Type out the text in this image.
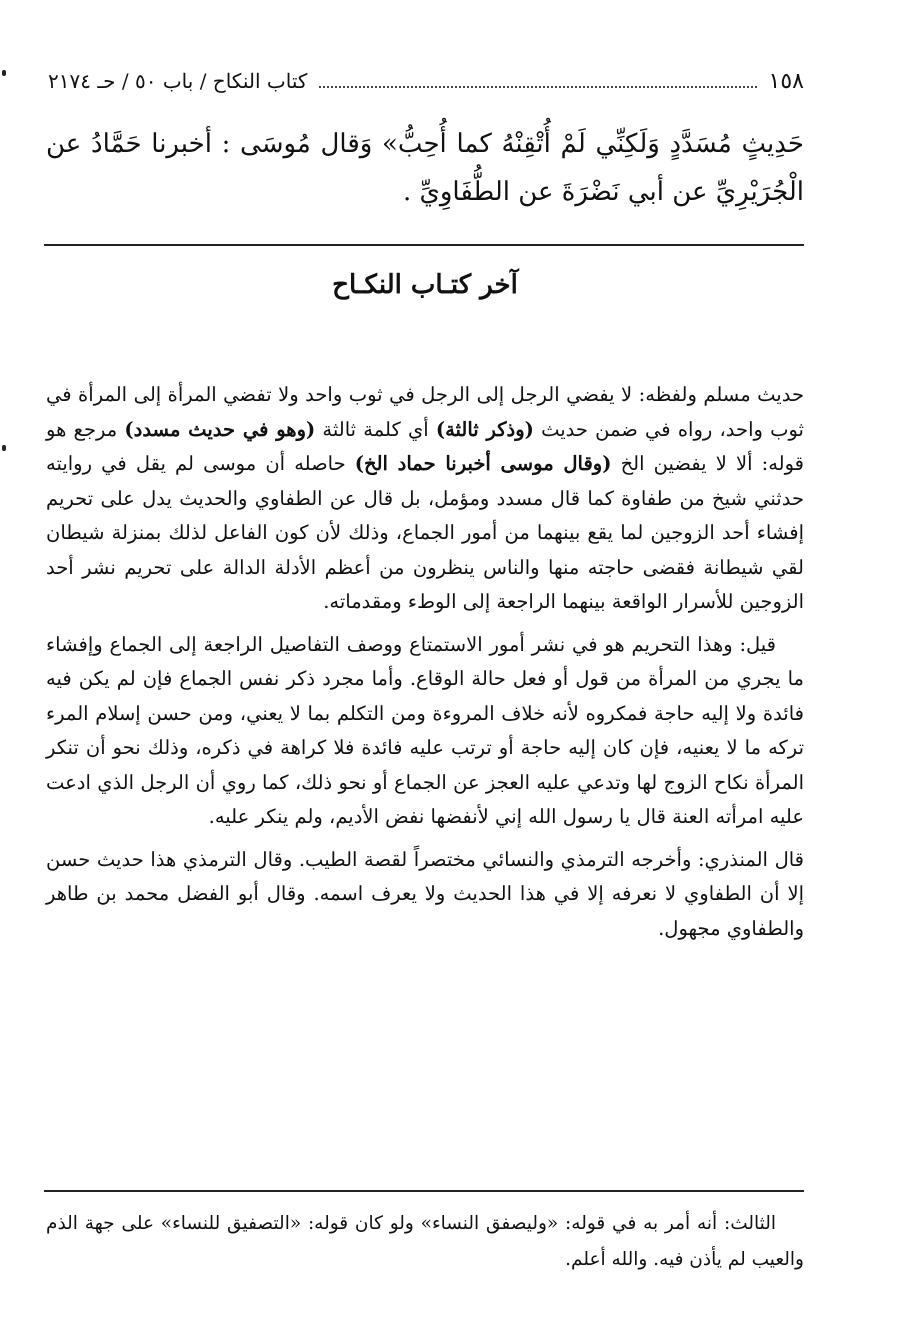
١٥٨
كتاب النكاح / باب ٥٠ / حـ ٢١٧٤
حَدِيثٍ مُسَدَّدٍ وَلَكِنِّي لَمْ أُتْقِنْهُ كما أُحِبُّ» وَقال مُوسَى : أخبرنا حَمَّادُ عن الْجُرَيْرِيِّ عن أبي نَضْرَةَ عن الطُّفَاوِيِّ .
آخر كتـاب النكـاح

حديث مسلم ولفظه: لا يفضي الرجل إلى الرجل في ثوب واحد ولا تفضي المرأة إلى المرأة في ثوب واحد، رواه في ضمن حديث (وذكر ثالثة) أي كلمة ثالثة (وهو في حديث مسدد) مرجع هو قوله: ألا لا يفضين الخ (وقال موسى أخبرنا حماد الخ) حاصله أن موسى لم يقل في روايته حدثني شيخ من طفاوة كما قال مسدد ومؤمل، بل قال عن الطفاوي والحديث يدل على تحريم إفشاء أحد الزوجين لما يقع بينهما من أمور الجماع، وذلك لأن كون الفاعل لذلك بمنزلة شيطان لقي شيطانة فقضى حاجته منها والناس ينظرون من أعظم الأدلة الدالة على تحريم نشر أحد الزوجين للأسرار الواقعة بينهما الراجعة إلى الوطء ومقدماته.

قيل: وهذا التحريم هو في نشر أمور الاستمتاع ووصف التفاصيل الراجعة إلى الجماع وإفشاء ما يجري من المرأة من قول أو فعل حالة الوقاع. وأما مجرد ذكر نفس الجماع فإن لم يكن فيه فائدة ولا إليه حاجة فمكروه لأنه خلاف المروءة ومن التكلم بما لا يعني، ومن حسن إسلام المرء تركه ما لا يعنيه، فإن كان إليه حاجة أو ترتب عليه فائدة فلا كراهة في ذكره، وذلك نحو أن تنكر المرأة نكاح الزوج لها وتدعي عليه العجز عن الجماع أو نحو ذلك، كما روي أن الرجل الذي ادعت عليه امرأته العنة قال يا رسول الله إني لأنفضها نفض الأديم، ولم ينكر عليه.

قال المنذري: وأخرجه الترمذي والنسائي مختصراً لقصة الطيب. وقال الترمذي هذا حديث حسن إلا أن الطفاوي لا نعرفه إلا في هذا الحديث ولا يعرف اسمه. وقال أبو الفضل محمد بن طاهر والطفاوي مجهول.

الثالث: أنه أمر به في قوله: «وليصفق النساء» ولو كان قوله: «التصفيق للنساء» على جهة الذم والعيب لم يأذن فيه. والله أعلم.
